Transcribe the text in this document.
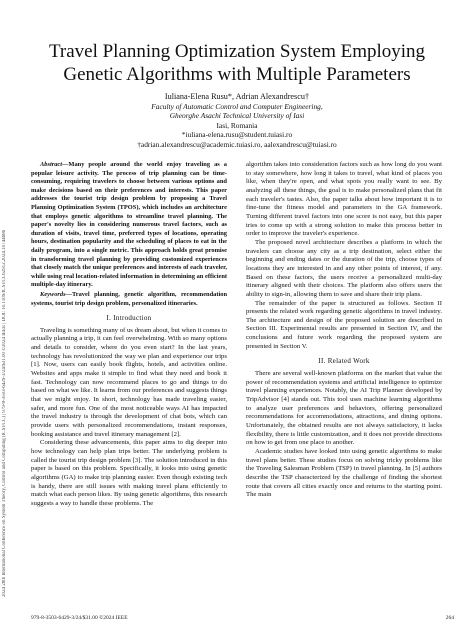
2024 28th International Conference on System Theory, Control and Computing (ICSTCC) | 979-8-3503-6429-3/24/$31.00 ©2024 IEEE | DOI: 10.1109/ICSTCC62912.2024.10744686
Travel Planning Optimization System Employing
Genetic Algorithms with Multiple Parameters
Iuliana-Elena Rusu*, Adrian Alexandrescu†
Faculty of Automatic Control and Computer Engineering,
Gheorghe Asachi Technical University of Iasi
Iasi, Romania
*iuliana-elena.rusu@student.tuiasi.ro
†adrian.alexandrescu@academic.tuiasi.ro, aalexandrescu@tuiasi.ro

Abstract—Many people around the world enjoy traveling as a popular leisure activity. The process of trip planning can be time-consuming, requiring travelers to choose between various options and make decisions based on their preferences and interests. This paper addresses the tourist trip design problem by proposing a Travel Planning Optimization System (TPOS), which includes an architecture that employs genetic algorithms to streamline travel planning. The paper's novelty lies in considering numerous travel factors, such as duration of visits, travel time, preferred types of locations, operating hours, destination popularity and the scheduling of places to eat in the daily program, into a single metric. This approach holds great promise in transforming travel planning by providing customized experiences that closely match the unique preferences and interests of each traveler, while using real location-related information in determining an efficient multiple-day itinerary.

Keywords—Travel planning, genetic algorithm, recommendation systems, tourist trip design problem, personalized itineraries.

I. Introduction

Traveling is something many of us dream about, but when it comes to actually planning a trip, it can feel overwhelming. With so many options and details to consider, where do you even start? In the last years, technology has revolutionized the way we plan and experience our trips [1]. Now, users can easily book flights, hotels, and activities online. Websites and apps make it simple to find what they need and book it fast. Technology can now recommend places to go and things to do based on what we like. It learns from our preferences and suggests things that we might enjoy. In short, technology has made traveling easier, safer, and more fun. One of the most noticeable ways AI has impacted the travel industry is through the development of chat bots, which can provide users with personalized recommendations, instant responses, booking assistance and travel itinerary management [2].

Considering these advancements, this paper aims to dig deeper into how technology can help plan trips better. The underlying problem is called the tourist trip design problem [3]. The solution introduced in this paper is based on this problem. Specifically, it looks into using genetic algorithms (GA) to make trip planning easier. Even though existing tech is handy, there are still issues with making travel plans efficiently to match what each person likes. By using genetic algorithms, this research suggests a way to handle these problems. The

algorithm takes into consideration factors such as how long do you want to stay somewhere, how long it takes to travel, what kind of places you like, when they're open, and what spots you really want to see. By analyzing all these things, the goal is to make personalized plans that fit each traveler's tastes. Also, the paper talks about how important it is to fine-tune the fitness model and parameters in the GA framework. Turning different travel factors into one score is not easy, but this paper tries to come up with a strong solution to make this process better in order to improve the traveler's experience.

The proposed novel architecture describes a platform in which the travelers can choose any city as a trip destination, select either the beginning and ending dates or the duration of the trip, choose types of locations they are interested in and any other points of interest, if any. Based on these factors, the users receive a personalized multi-day itinerary aligned with their choices. The platform also offers users the ability to sign-in, allowing them to save and share their trip plans.

The remainder of the paper is structured as follows. Section II presents the related work regarding genetic algorithms in travel industry. The architecture and design of the proposed solution are described in Section III. Experimental results are presented in Section IV, and the conclusions and future work regarding the proposed system are presented in Section V.

II. Related Work

There are several well-known platforms on the market that value the power of recommendation systems and artificial intelligence to optimize travel planning experiences. Notably, the AI Trip Planner developed by TripAdvisor [4] stands out. This tool uses machine learning algorithms to analyze user preferences and behaviors, offering personalized recommendations for accommodations, attractions, and dining options. Unfortunately, the obtained results are not always satisfactory, it lacks flexibility, there is little customization, and it does not provide directions on how to get from one place to another.

Academic studies have looked into using genetic algorithms to make travel plans better. These studies focus on solving tricky problems like the Traveling Salesman Problem (TSP) in travel planning. In [5] authors describe the TSP characterized by the challenge of finding the shortest route that covers all cities exactly once and returns to the starting point. The main

979-8-3503-6429-3/24/$31.00 ©2024 IEEE	264
